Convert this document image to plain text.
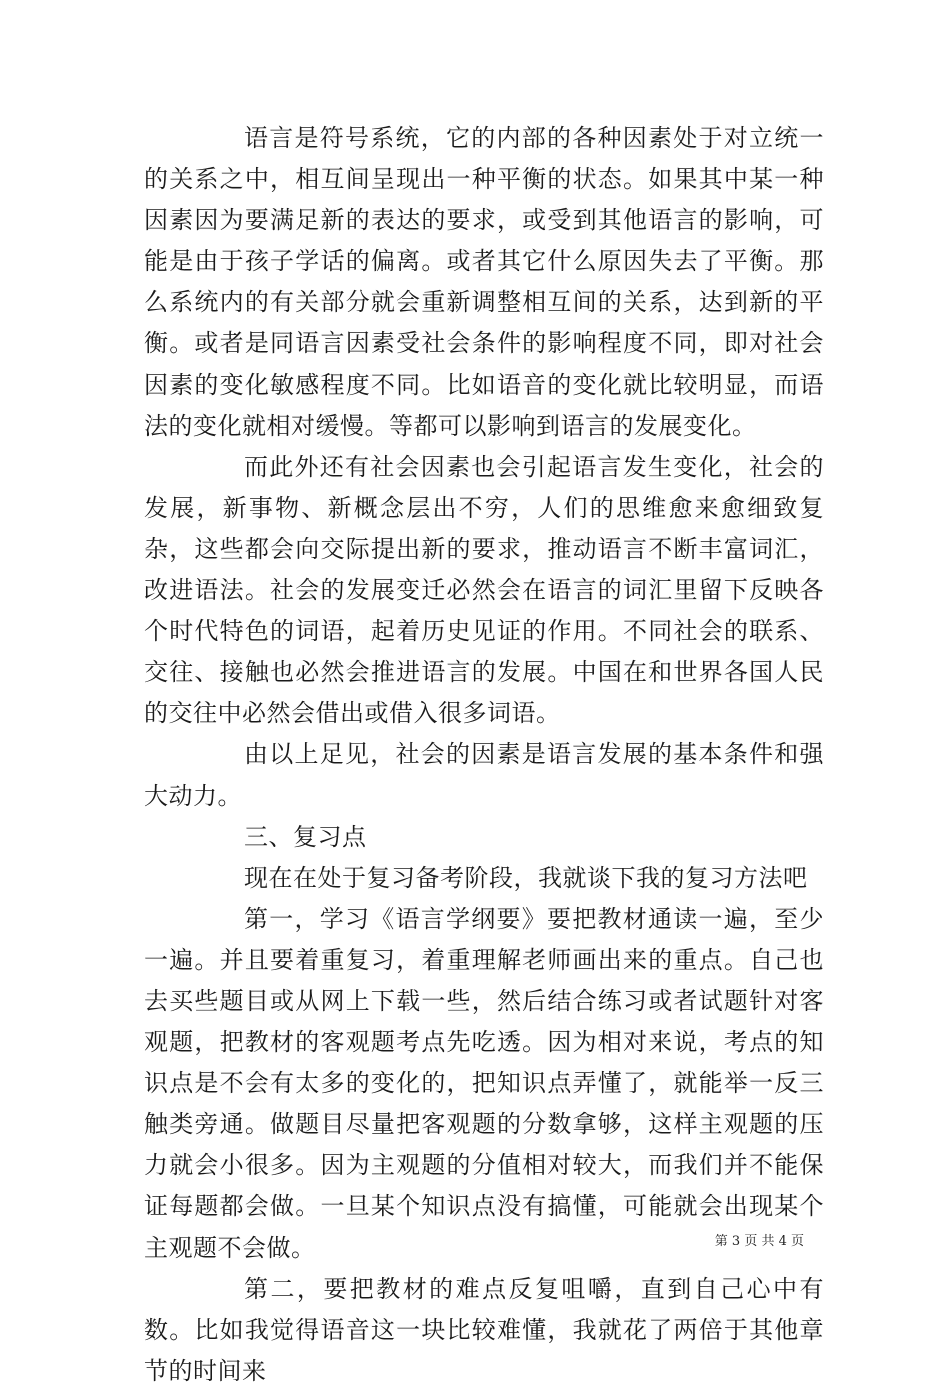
语言是符号系统，它的内部的各种因素处于对立统一的关系之中，相互间呈现出一种平衡的状态。如果其中某一种因素因为要满足新的表达的要求，或受到其他语言的影响，可能是由于孩子学话的偏离。或者其它什么原因失去了平衡。那么系统内的有关部分就会重新调整相互间的关系，达到新的平衡。或者是同语言因素受社会条件的影响程度不同，即对社会因素的变化敏感程度不同。比如语音的变化就比较明显，而语法的变化就相对缓慢。等都可以影响到语言的发展变化。

而此外还有社会因素也会引起语言发生变化，社会的发展，新事物、新概念层出不穷，人们的思维愈来愈细致复杂，这些都会向交际提出新的要求，推动语言不断丰富词汇，改进语法。社会的发展变迁必然会在语言的词汇里留下反映各个时代特色的词语，起着历史见证的作用。不同社会的联系、交往、接触也必然会推进语言的发展。中国在和世界各国人民的交往中必然会借出或借入很多词语。

由以上足见，社会的因素是语言发展的基本条件和强大动力。

三、复习点

现在在处于复习备考阶段，我就谈下我的复习方法吧

第一，学习《语言学纲要》要把教材通读一遍，至少一遍。并且要着重复习，着重理解老师画出来的重点。自己也去买些题目或从网上下载一些，然后结合练习或者试题针对客观题，把教材的客观题考点先吃透。因为相对来说，考点的知识点是不会有太多的变化的，把知识点弄懂了，就能举一反三触类旁通。做题目尽量把客观题的分数拿够，这样主观题的压力就会小很多。因为主观题的分值相对较大，而我们并不能保证每题都会做。一旦某个知识点没有搞懂，可能就会出现某个主观题不会做。

第二，要把教材的难点反复咀嚼，直到自己心中有数。比如我觉得语音这一块比较难懂，我就花了两倍于其他章节的时间来

第 3 页 共 4 页
